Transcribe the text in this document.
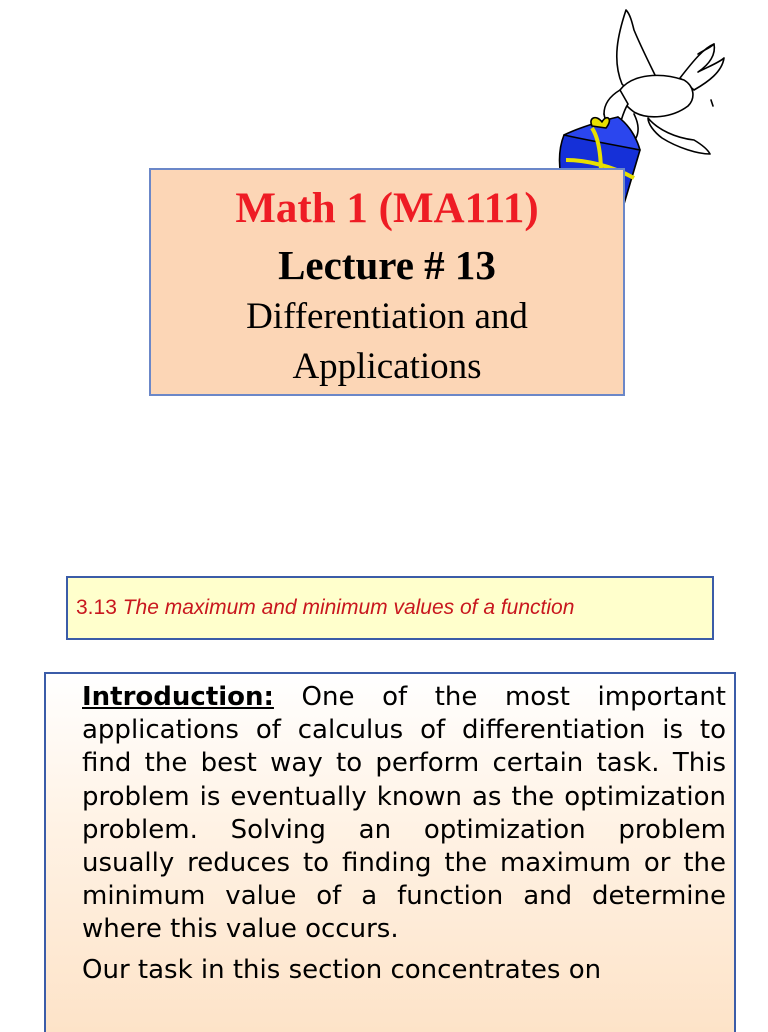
Math 1 (MA111)
Lecture # 13
Differentiation and
Applications
3.13 The maximum and minimum values of a function

Introduction: One of the most important applications of calculus of differentiation is to find the best way to perform certain task. This problem is eventually known as the optimization problem. Solving an optimization problem usually reduces to finding the maximum or the minimum value of a function and determine where this value occurs.

Our task in this section concentrates on
